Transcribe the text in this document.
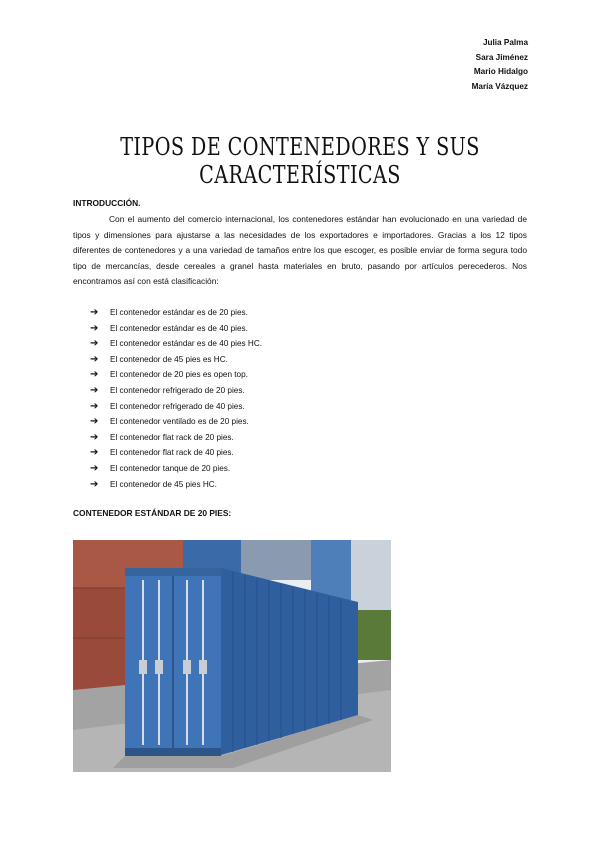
Julia Palma
Sara Jiménez
Mario Hidalgo
María Vázquez
TIPOS DE CONTENEDORES Y SUS CARACTERÍSTICAS
INTRODUCCIÓN.
Con el aumento del comercio internacional, los contenedores estándar han evolucionado en una variedad de tipos y dimensiones para ajustarse a las necesidades de los exportadores e importadores. Gracias a los 12 tipos diferentes de contenedores y a una variedad de tamaños entre los que escoger, es posible enviar de forma segura todo tipo de mercancías, desde cereales a granel hasta materiales en bruto, pasando por artículos perecederos. Nos encontramos así con está clasificación:
➔	El contenedor estándar es de 20 pies.
➔	El contenedor estándar es de 40 pies.
➔	El contenedor estándar es de 40 pies HC.
➔	El contenedor de 45 pies es HC.
➔	El contenedor de 20 pies es open top.
➔	El contenedor refrigerado de 20 pies.
➔	El contenedor refrigerado de 40 pies.
➔	El contenedor ventilado es de 20 pies.
➔	El contenedor flat rack de 20 pies.
➔	El contenedor flat rack de 40 pies.
➔	El contenedor tanque de 20 pies.
➔	El contenedor de 45 pies HC.
CONTENEDOR ESTÁNDAR DE 20 PIES:
